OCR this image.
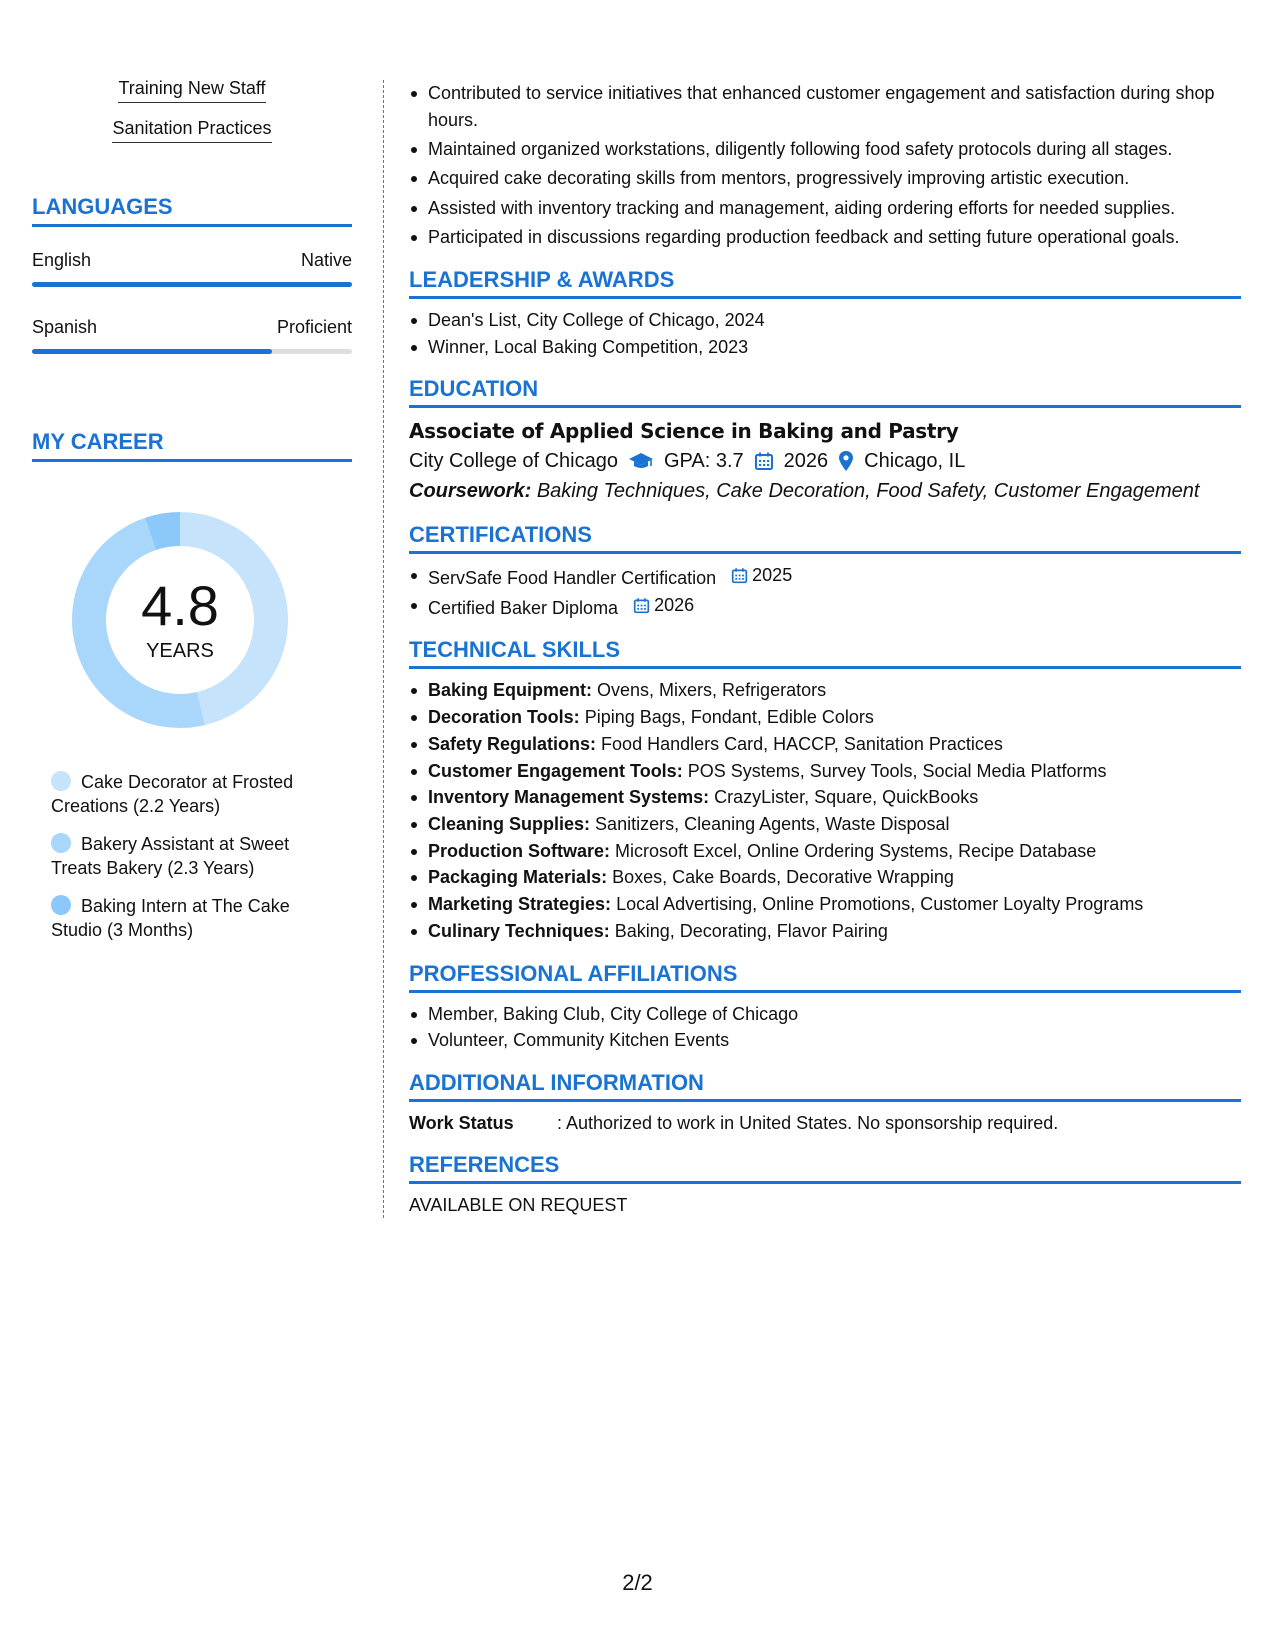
Training New Staff
Sanitation Practices
LANGUAGES
English	Native
Spanish	Proficient
MY CAREER
4.8
YEARS
Cake Decorator at Frosted Creations (2.2 Years)
Bakery Assistant at Sweet Treats Bakery (2.3 Years)
Baking Intern at The Cake Studio (3 Months)
Contributed to service initiatives that enhanced customer engagement and satisfaction during shop hours.
Maintained organized workstations, diligently following food safety protocols during all stages.
Acquired cake decorating skills from mentors, progressively improving artistic execution.
Assisted with inventory tracking and management, aiding ordering efforts for needed supplies.
Participated in discussions regarding production feedback and setting future operational goals.
LEADERSHIP & AWARDS
Dean's List, City College of Chicago, 2024
Winner, Local Baking Competition, 2023
EDUCATION
Associate of Applied Science in Baking and Pastry
City College of Chicago GPA: 3.7 2026 Chicago, IL
Coursework: Baking Techniques, Cake Decoration, Food Safety, Customer Engagement
CERTIFICATIONS
ServSafe Food Handler Certification 2025
Certified Baker Diploma 2026
TECHNICAL SKILLS
Baking Equipment: Ovens, Mixers, Refrigerators
Decoration Tools: Piping Bags, Fondant, Edible Colors
Safety Regulations: Food Handlers Card, HACCP, Sanitation Practices
Customer Engagement Tools: POS Systems, Survey Tools, Social Media Platforms
Inventory Management Systems: CrazyLister, Square, QuickBooks
Cleaning Supplies: Sanitizers, Cleaning Agents, Waste Disposal
Production Software: Microsoft Excel, Online Ordering Systems, Recipe Database
Packaging Materials: Boxes, Cake Boards, Decorative Wrapping
Marketing Strategies: Local Advertising, Online Promotions, Customer Loyalty Programs
Culinary Techniques: Baking, Decorating, Flavor Pairing
PROFESSIONAL AFFILIATIONS
Member, Baking Club, City College of Chicago
Volunteer, Community Kitchen Events
ADDITIONAL INFORMATION
Work Status	: Authorized to work in United States. No sponsorship required.
REFERENCES
AVAILABLE ON REQUEST
2/2
